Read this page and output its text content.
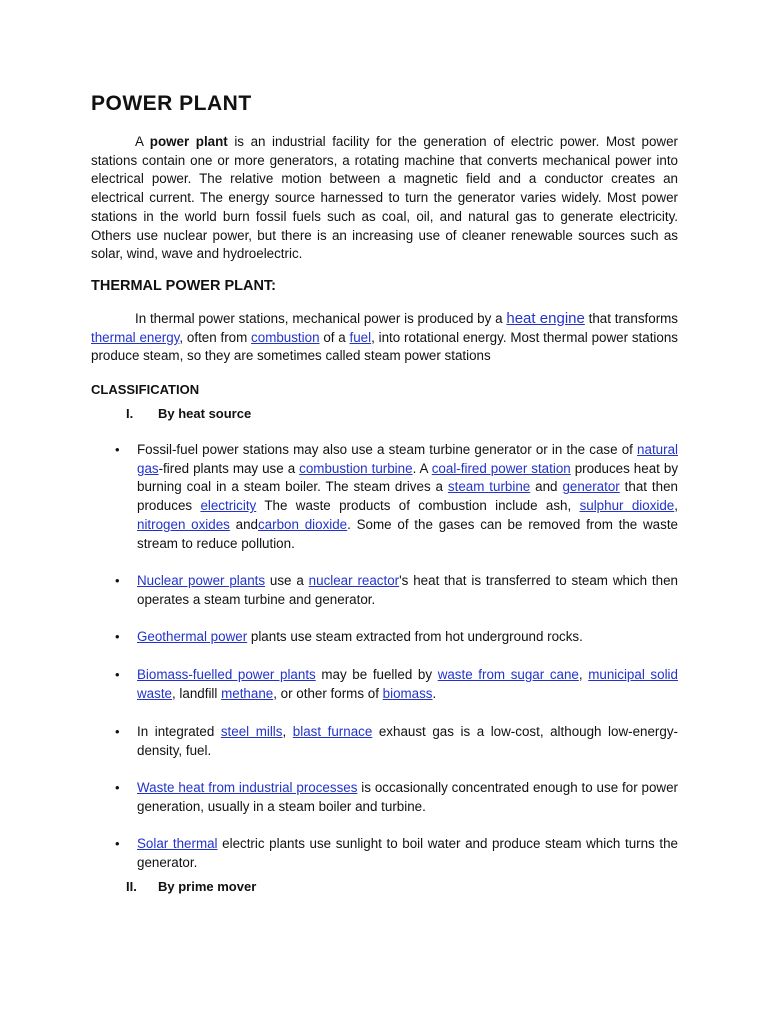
POWER PLANT

A power plant is an industrial facility for the generation of electric power. Most power stations contain one or more generators, a rotating machine that converts mechanical power into electrical power. The relative motion between a magnetic field and a conductor creates an electrical current. The energy source harnessed to turn the generator varies widely. Most power stations in the world burn fossil fuels such as coal, oil, and natural gas to generate electricity. Others use nuclear power, but there is an increasing use of cleaner renewable sources such as solar, wind, wave and hydroelectric.

THERMAL POWER PLANT:

In thermal power stations, mechanical power is produced by a heat engine that transforms thermal energy, often from combustion of a fuel, into rotational energy. Most thermal power stations produce steam, so they are sometimes called steam power stations

CLASSIFICATION

I. By heat source

• Fossil-fuel power stations may also use a steam turbine generator or in the case of natural gas-fired plants may use a combustion turbine. A coal-fired power station produces heat by burning coal in a steam boiler. The steam drives a steam turbine and generator that then produces electricity The waste products of combustion include ash, sulphur dioxide, nitrogen oxides andcarbon dioxide. Some of the gases can be removed from the waste stream to reduce pollution.

• Nuclear power plants use a nuclear reactor's heat that is transferred to steam which then operates a steam turbine and generator.

• Geothermal power plants use steam extracted from hot underground rocks.

• Biomass-fuelled power plants may be fuelled by waste from sugar cane, municipal solid waste, landfill methane, or other forms of biomass.

• In integrated steel mills, blast furnace exhaust gas is a low-cost, although low-energy-density, fuel.

• Waste heat from industrial processes is occasionally concentrated enough to use for power generation, usually in a steam boiler and turbine.

• Solar thermal electric plants use sunlight to boil water and produce steam which turns the generator.

II. By prime mover
